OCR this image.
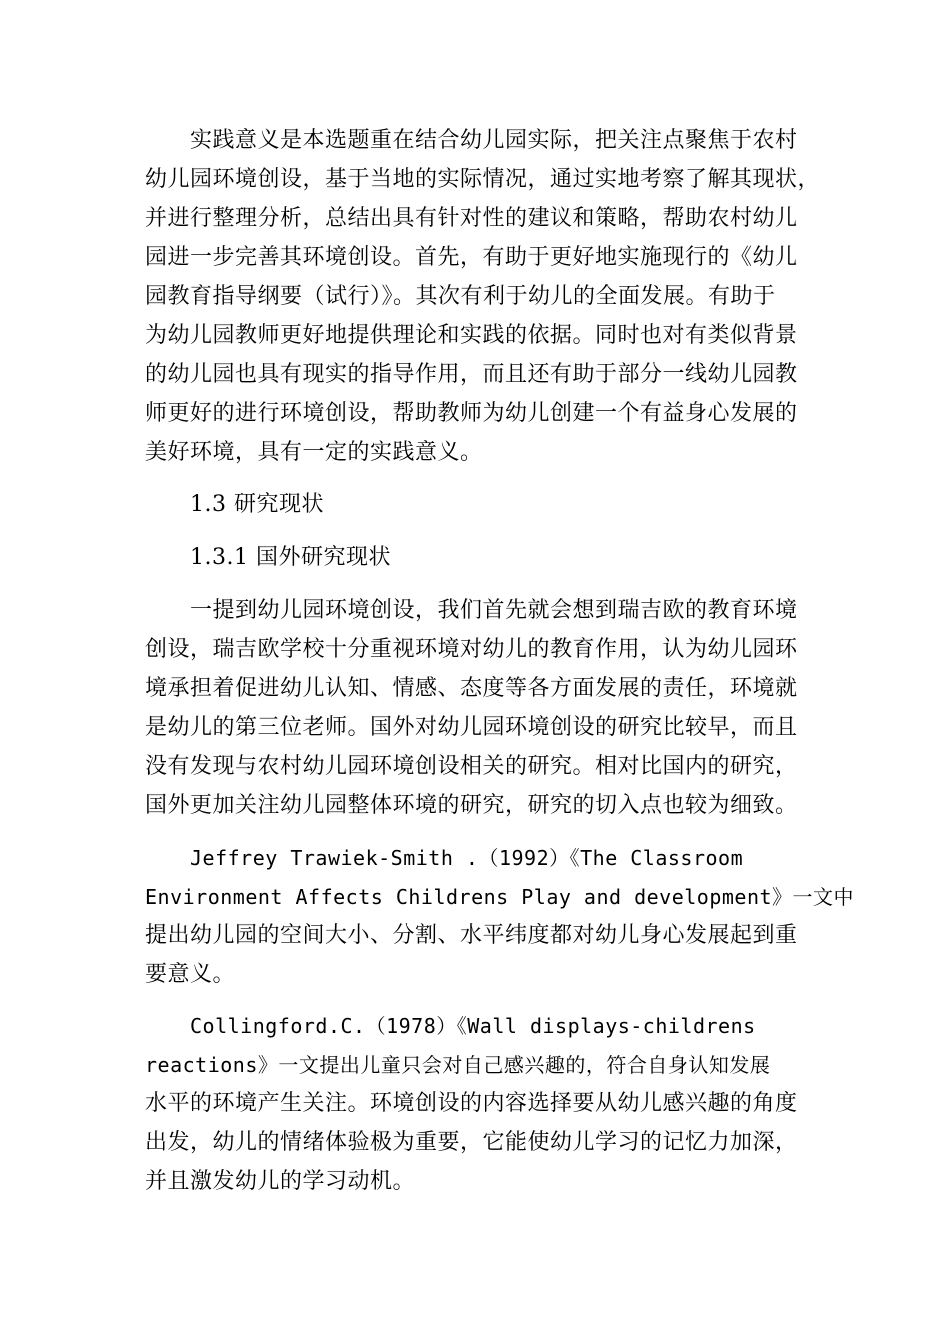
实践意义是本选题重在结合幼儿园实际，把关注点聚焦于农村
幼儿园环境创设，基于当地的实际情况，通过实地考察了解其现状，
并进行整理分析，总结出具有针对性的建议和策略，帮助农村幼儿
园进一步完善其环境创设。首先，有助于更好地实施现行的《幼儿
园教育指导纲要（试行）》。其次有利于幼儿的全面发展。有助于
为幼儿园教师更好地提供理论和实践的依据。同时也对有类似背景
的幼儿园也具有现实的指导作用，而且还有助于部分一线幼儿园教
师更好的进行环境创设，帮助教师为幼儿创建一个有益身心发展的
美好环境，具有一定的实践意义。
1.3 研究现状
1.3.1 国外研究现状
一提到幼儿园环境创设，我们首先就会想到瑞吉欧的教育环境
创设，瑞吉欧学校十分重视环境对幼儿的教育作用，认为幼儿园环
境承担着促进幼儿认知、情感、态度等各方面发展的责任，环境就
是幼儿的第三位老师。国外对幼儿园环境创设的研究比较早，而且
没有发现与农村幼儿园环境创设相关的研究。相对比国内的研究，
国外更加关注幼儿园整体环境的研究，研究的切入点也较为细致。
Jeffrey Trawiek-Smith .（1992）《The Classroom
Environment Affects Childrens Play and development》一文中
提出幼儿园的空间大小、分割、水平纬度都对幼儿身心发展起到重
要意义。
Collingford.C.（1978）《Wall displays-childrens
reactions》一文提出儿童只会对自己感兴趣的，符合自身认知发展
水平的环境产生关注。环境创设的内容选择要从幼儿感兴趣的角度
出发，幼儿的情绪体验极为重要，它能使幼儿学习的记忆力加深，
并且激发幼儿的学习动机。
